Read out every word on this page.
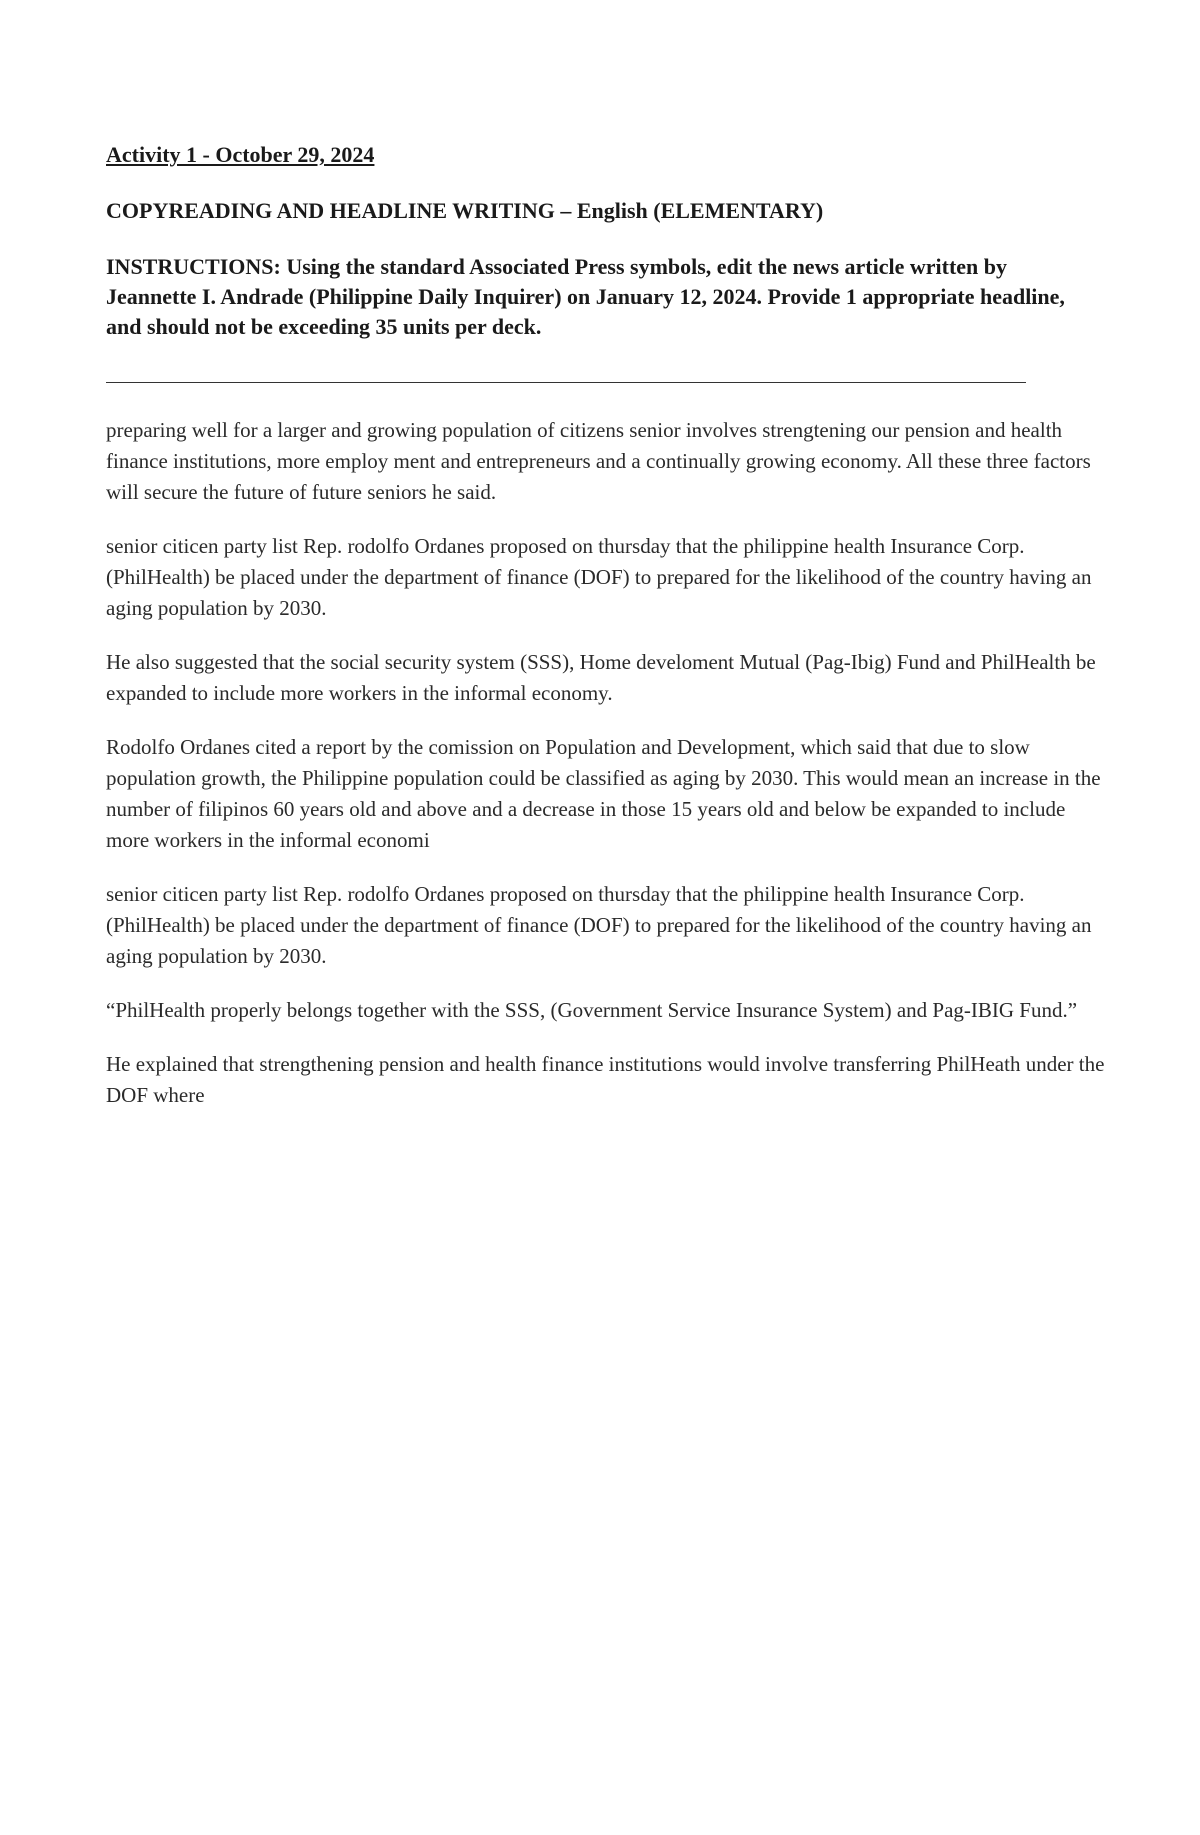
Activity 1 - October 29, 2024

COPYREADING AND HEADLINE WRITING – English (ELEMENTARY)

INSTRUCTIONS: Using the standard Associated Press symbols, edit the news article written by Jeannette I. Andrade (Philippine Daily Inquirer) on January 12, 2024. Provide 1 appropriate headline, and should not be exceeding 35 units per deck.

preparing well for a larger and growing population of citizens senior involves strengtening our pension and health finance institutions, more employ ment and entrepreneurs and a continually growing economy. All these three factors will secure the future of future seniors he said.

senior citicen party list Rep. rodolfo Ordanes proposed on thursday that the philippine health Insurance Corp. (PhilHealth) be placed under the department of finance (DOF) to prepared for the likelihood of the country having an aging population by 2030.

He also suggested that the social security system (SSS), Home develoment Mutual (Pag-Ibig) Fund and PhilHealth be expanded to include more workers in the informal economy.

Rodolfo Ordanes cited a report by the comission on Population and Development, which said that due to slow population growth, the Philippine population could be classified as aging by 2030. This would mean an increase in the number of filipinos 60 years old and above and a decrease in those 15 years old and below be expanded to include more workers in the informal economi

senior citicen party list Rep. rodolfo Ordanes proposed on thursday that the philippine health Insurance Corp. (PhilHealth) be placed under the department of finance (DOF) to prepared for the likelihood of the country having an aging population by 2030.

“PhilHealth properly belongs together with the SSS, (Government Service Insurance System) and Pag-IBIG Fund.”

He explained that strengthening pension and health finance institutions would involve transferring PhilHeath under the DOF where
